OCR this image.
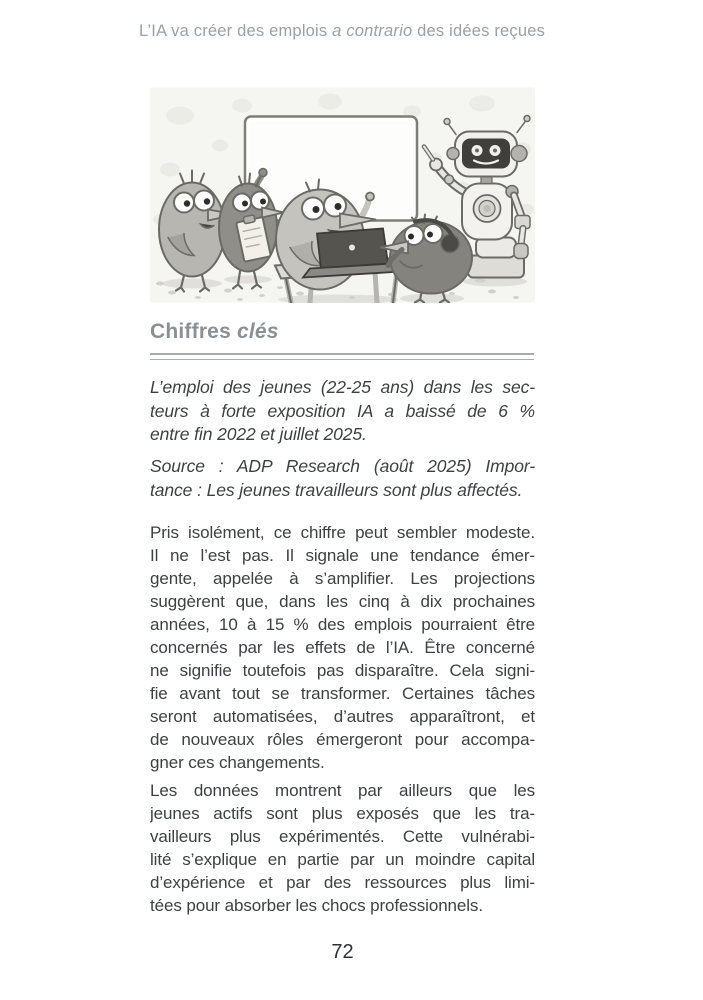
L’IA va créer des emplois a contrario des idées reçues
Chiffres clés
L’emploi des jeunes (22-25 ans) dans les sec-
teurs à forte exposition IA a baissé de 6 %
entre fin 2022 et juillet 2025.
Source : ADP Research (août 2025) Impor-
tance : Les jeunes travailleurs sont plus affectés.
Pris isolément, ce chiffre peut sembler modeste.
Il ne l’est pas. Il signale une tendance émer-
gente, appelée à s’amplifier. Les projections
suggèrent que, dans les cinq à dix prochaines
années, 10 à 15 % des emplois pourraient être
concernés par les effets de l’IA. Être concerné
ne signifie toutefois pas disparaître. Cela signi-
fie avant tout se transformer. Certaines tâches
seront automatisées, d’autres apparaîtront, et
de nouveaux rôles émergeront pour accompa-
gner ces changements.
Les données montrent par ailleurs que les
jeunes actifs sont plus exposés que les tra-
vailleurs plus expérimentés. Cette vulnérabi-
lité s’explique en partie par un moindre capital
d’expérience et par des ressources plus limi-
tées pour absorber les chocs professionnels.
72
